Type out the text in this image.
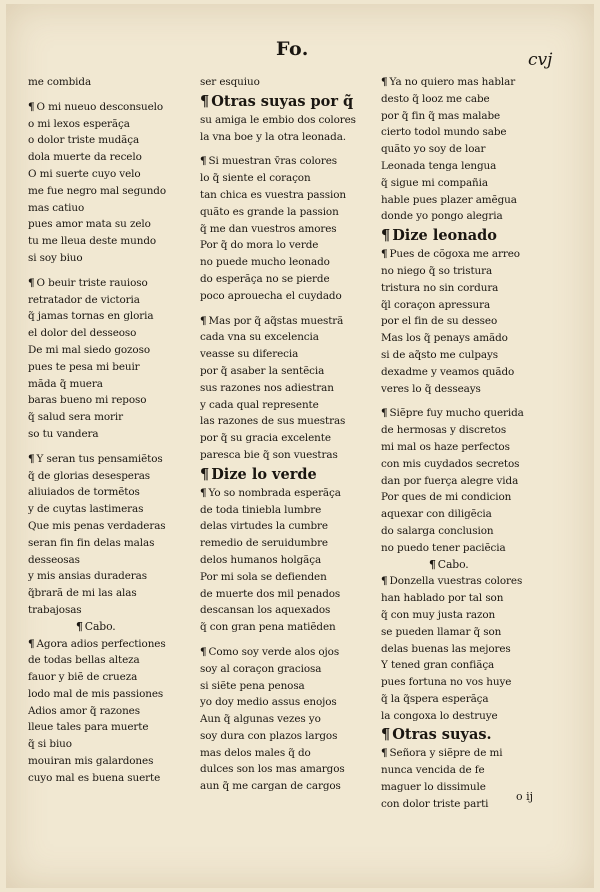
Fo.	cvj
me combida
¶ O mi nueuo desconsuelo
o mi lexos esperãça
o dolor triste mudãça
dola muerte da recelo
O mi suerte cuyo velo
me fue negro mal segundo
mas catiuo
pues amor mata su zelo
tu me lleua deste mundo
si soy biuo
¶ O beuir triste rauioso
retratador de victoria
q̃ jamas tornas en gloria
el dolor del desseoso
De mi mal siedo gozoso
pues te pesa mi beuir
mãda q̃ muera
baras bueno mi reposo
q̃ salud sera morir
so tu vandera
¶ Y seran tus pensamiẽtos
q̃ de glorias desesperas
aliuiados de tormẽtos
y de cuytas lastimeras
Que mis penas verdaderas
seran fin fin delas malas
desseosas
y mis ansias duraderas
q̃brarã de mi las alas
trabajosas
¶ Cabo.
¶ Agora adios perfectiones
de todas bellas alteza
fauor y biẽ de crueza
lodo mal de mis passiones
Adios amor q̃ razones
lleue tales para muerte
q̃ si biuo
mouiran mis galardones
cuyo mal es buena suerte
ser esquiuo
¶ Otras suyas por q̃
su amiga le embio dos colores
la vna boe y la otra leonada.
¶ Si muestran v̄ras colores
lo q̃ siente el coraçon
tan chica es vuestra passion
quãto es grande la passion
q̃ me dan vuestros amores
Por q̃ do mora lo verde
no puede mucho leonado
do esperãça no se pierde
poco aprouecha el cuydado
¶ Mas por q̃ aq̃stas muestrã
cada vna su excelencia
veasse su diferecia
por q̃ asaber la sentẽcia
sus razones nos adiestran
y cada qual represente
las razones de sus muestras
por q̃ su gracia excelente
paresca bie q̃ son vuestras
¶ Dize lo verde
¶ Yo so nombrada esperãça
de toda tiniebla lumbre
delas virtudes la cumbre
remedio de seruidumbre
delos humanos holgãça
Por mi sola se defienden
de muerte dos mil penados
descansan los aquexados
q̃ con gran pena matiẽden
¶ Como soy verde alos ojos
soy al coraçon graciosa
si siẽte pena penosa
yo doy medio assus enojos
Aun q̃ algunas vezes yo
soy dura con plazos largos
mas delos males q̃ do
dulces son los mas amargos
aun q̃ me cargan de cargos
¶ Ya no quiero mas hablar
desto q̃ looz me cabe
por q̃ fin q̃ mas malabe
cierto todol mundo sabe
quãto yo soy de loar
Leonada tenga lengua
q̃ sigue mi compañia
hable pues plazer amẽgua
donde yo pongo alegria
¶ Dize leonado
¶ Pues de cõgoxa me arreo
no niego q̃ so tristura
tristura no sin cordura
q̃l coraçon apressura
por el fin de su desseo
Mas los q̃ penays amãdo
si de aq̃sto me culpays
dexadme y veamos quãdo
veres lo q̃ desseays
¶ Siẽpre fuy mucho querida
de hermosas y discretos
mi mal os haze perfectos
con mis cuydados secretos
dan por fuerça alegre vida
Por ques de mi condicion
aquexar con diligẽcia
do salarga conclusion
no puedo tener paciẽcia
¶ Cabo.
¶ Donzella vuestras colores
han hablado por tal son
q̃ con muy justa razon
se pueden llamar q̃ son
delas buenas las mejores
Y tened gran confiãça
pues fortuna no vos huye
q̃ la q̃spera esperãça
la congoxa lo destruye
¶ Otras suyas.
¶ Señora y siẽpre de mi
nunca vencida de fe
maguer lo dissimule
con dolor triste parti
o ij
